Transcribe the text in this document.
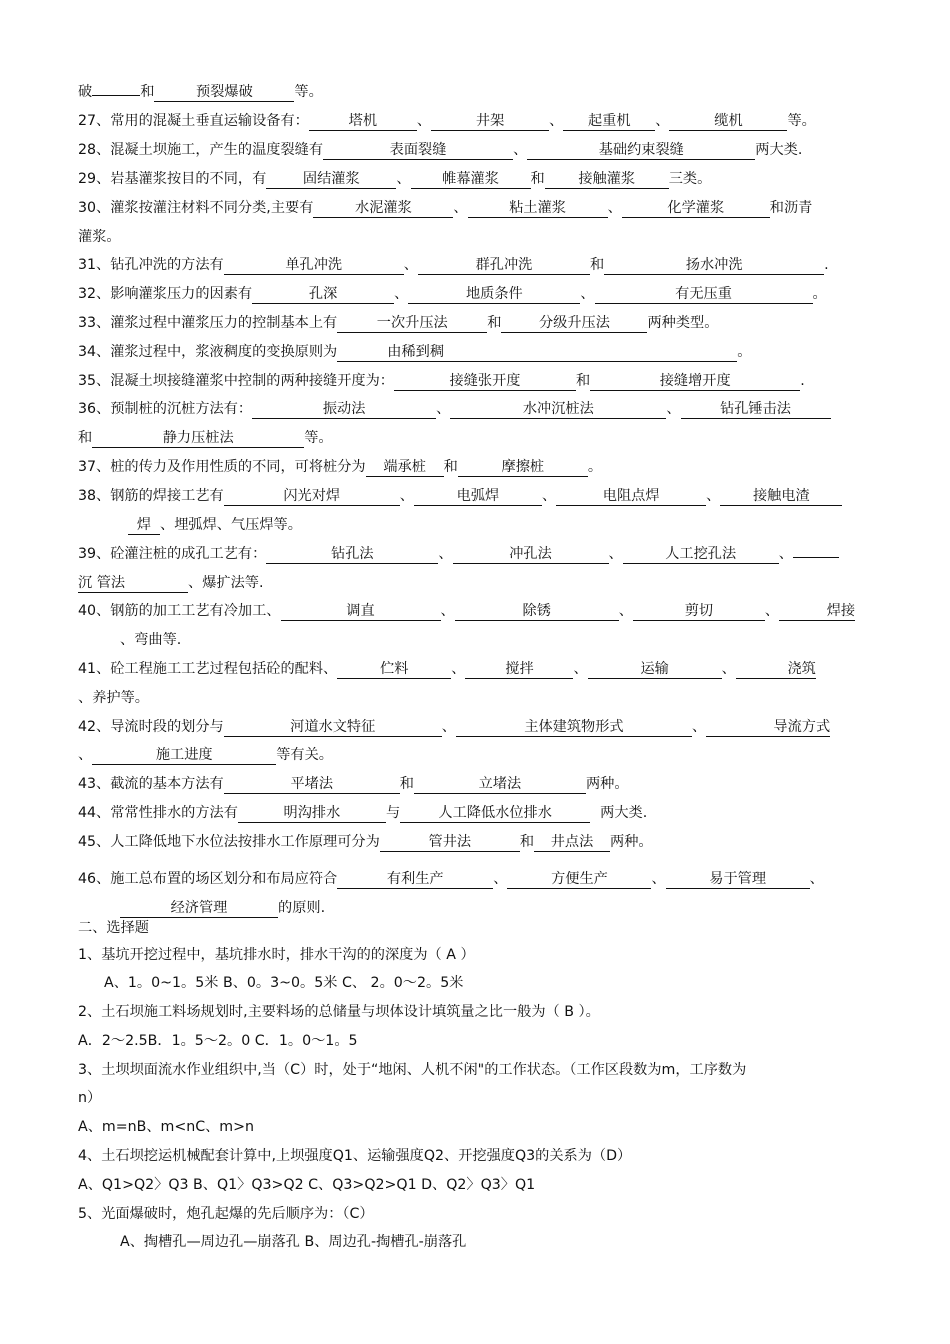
破	和	预裂爆破	等。
27、常用的混凝土垂直运输设备有：	塔机	、	井架	、 起重机 、	缆机	等。
28、混凝土坝施工，产生的温度裂缝有	表面裂缝	、	基础约束裂缝	两大类.
29、岩基灌浆按目的不同，有	固结灌浆	、 帷幕灌浆 和 接触灌浆 三类。
30、灌浆按灌注材料不同分类,主要有	水泥灌浆	、	粘土灌浆	、	化学灌浆	和沥青
灌浆。
31、钻孔冲洗的方法有	单孔冲洗	、	群孔冲洗	和	扬水冲洗	.
32、影响灌浆压力的因素有	孔深	、	地质条件	、	有无压重	。
33、灌浆过程中灌浆压力的控制基本上有	一次升压法	和	分级升压法	两种类型。
34、灌浆过程中，浆液稠度的变换原则为	由稀到稠	。
35、混凝土坝接缝灌浆中控制的两种接缝开度为：	接缝张开度	和	接缝增开度	.
36、预制桩的沉桩方法有：	振动法	、	水冲沉桩法	、	钻孔锤击法
和	静力压桩法	等。
37、桩的传力及作用性质的不同，可将桩分为 端承桩 和	摩擦桩	。
38、钢筋的焊接工艺有	闪光对焊	、	电弧焊	、	电阻点焊	、 接触电渣
焊 、埋弧焊、气压焊等。
39、砼灌注桩的成孔工艺有：	钻孔法	、	冲孔法	、	人工挖孔法	、
沉 管法	、爆扩法等.
40、钢筋的加工工艺有冷加工、	调直	、	除锈	、	剪切	、	焊接
、弯曲等.
41、砼工程施工工艺过程包括砼的配料、	伫料	、	搅拌	、	运输	、	浇筑
、养护等。
42、导流时段的划分与	河道水文特征	、	主体建筑物形式	、	导流方式
、	施工进度	等有关。
43、截流的基本方法有	平堵法	和	立堵法	两种。
44、常常性排水的方法有	明沟排水	与	人工降低水位排水	两大类.
45、人工降低地下水位法按排水工作原理可分为	管井法	和 井点法 两种。
46、施工总布置的场区划分和布局应符合	有利生产	、	方便生产	、	易于管理	、
经济管理	的原则.
二、选择题
1、基坑开挖过程中，基坑排水时，排水干沟的的深度为（ A ）
A、1。0~1。5米 B、0。3~0。5米 C、 2。0～2。5米
2、土石坝施工料场规划时,主要料场的总储量与坝体设计填筑量之比一般为（ B ）。
A．2～2.5B．1。5～2。0 C．1。0～1。5
3、土坝坝面流水作业组织中,当（C）时，处于“地闲、人机不闲"的工作状态。（工作区段数为m，工序数为
n）
A、m=nB、m<nC、m>n
4、土石坝挖运机械配套计算中,上坝强度Q1、运输强度Q2、开挖强度Q3的关系为（D）
A、Q1>Q2〉Q3 B、Q1〉Q3>Q2 C、Q3>Q2>Q1 D、Q2〉Q3〉Q1
5、光面爆破时，炮孔起爆的先后顺序为：（C）
A、掏槽孔—周边孔—崩落孔 B、周边孔-掏槽孔-崩落孔
